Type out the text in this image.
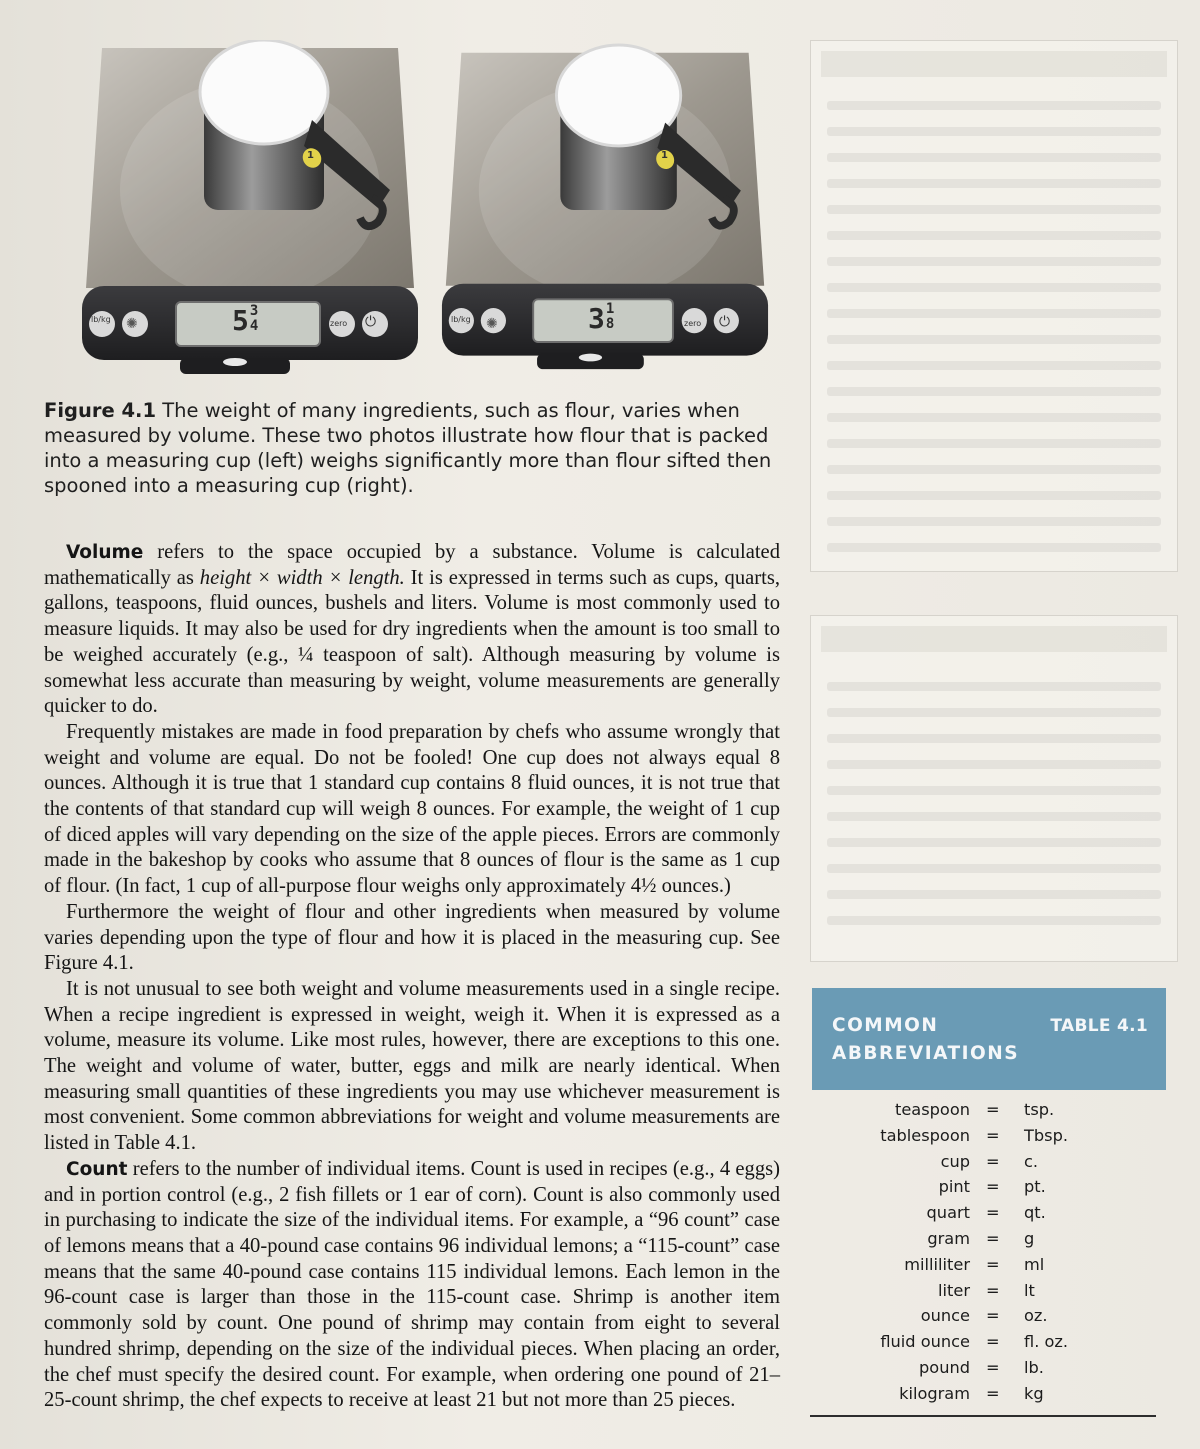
5 3
4
lb/kg ✺	zero ⏻
1
3 1
8
lb/kg ✺	zero ⏻
1
Figure 4.1 The weight of many ingredients, such as flour, varies when measured by volume. These two photos illustrate how flour that is packed into a measuring cup (left) weighs significantly more than flour sifted then spooned into a measuring cup (right).

Volume refers to the space occupied by a substance. Volume is calculated mathematically as height × width × length. It is expressed in terms such as cups, quarts, gallons, teaspoons, fluid ounces, bushels and liters. Volume is most commonly used to measure liquids. It may also be used for dry ingredients when the amount is too small to be weighed accurately (e.g., ¼ teaspoon of salt). Although measuring by volume is somewhat less accurate than measuring by weight, volume measurements are generally quicker to do.

Frequently mistakes are made in food preparation by chefs who assume wrongly that weight and volume are equal. Do not be fooled! One cup does not always equal 8 ounces. Although it is true that 1 standard cup contains 8 fluid ounces, it is not true that the contents of that standard cup will weigh 8 ounces. For example, the weight of 1 cup of diced apples will vary depending on the size of the apple pieces. Errors are commonly made in the bakeshop by cooks who assume that 8 ounces of flour is the same as 1 cup of flour. (In fact, 1 cup of all-purpose flour weighs only approximately 4½ ounces.)

Furthermore the weight of flour and other ingredients when measured by volume varies depending upon the type of flour and how it is placed in the measuring cup. See Figure 4.1.

It is not unusual to see both weight and volume measurements used in a single recipe. When a recipe ingredient is expressed in weight, weigh it. When it is expressed as a volume, measure its volume. Like most rules, however, there are exceptions to this one. The weight and volume of water, butter, eggs and milk are nearly identical. When measuring small quantities of these ingredients you may use whichever measurement is most convenient. Some common abbreviations for weight and volume measurements are listed in Table 4.1.

Count refers to the number of individual items. Count is used in recipes (e.g., 4 eggs) and in portion control (e.g., 2 fish fillets or 1 ear of corn). Count is also commonly used in purchasing to indicate the size of the individual items. For example, a “96 count” case of lemons means that a 40-pound case contains 96 individual lemons; a “115-count” case means that the same 40-pound case contains 115 individual lemons. Each lemon in the 96-count case is larger than those in the 115-count case. Shrimp is another item commonly sold by count. One pound of shrimp may contain from eight to several hundred shrimp, depending on the size of the individual pieces. When placing an order, the chef must specify the desired count. For example, when ordering one pound of 21–25-count shrimp, the chef expects to receive at least 21 but not more than 25 pieces.

COMMON
ABBREVIATIONS
TABLE 4.1
teaspoon = tsp.
tablespoon = Tbsp.
cup = c.
pint = pt.
quart = qt.
gram = g
milliliter = ml
liter = lt
ounce = oz.
fluid ounce = fl. oz.
pound = lb.
kilogram = kg
